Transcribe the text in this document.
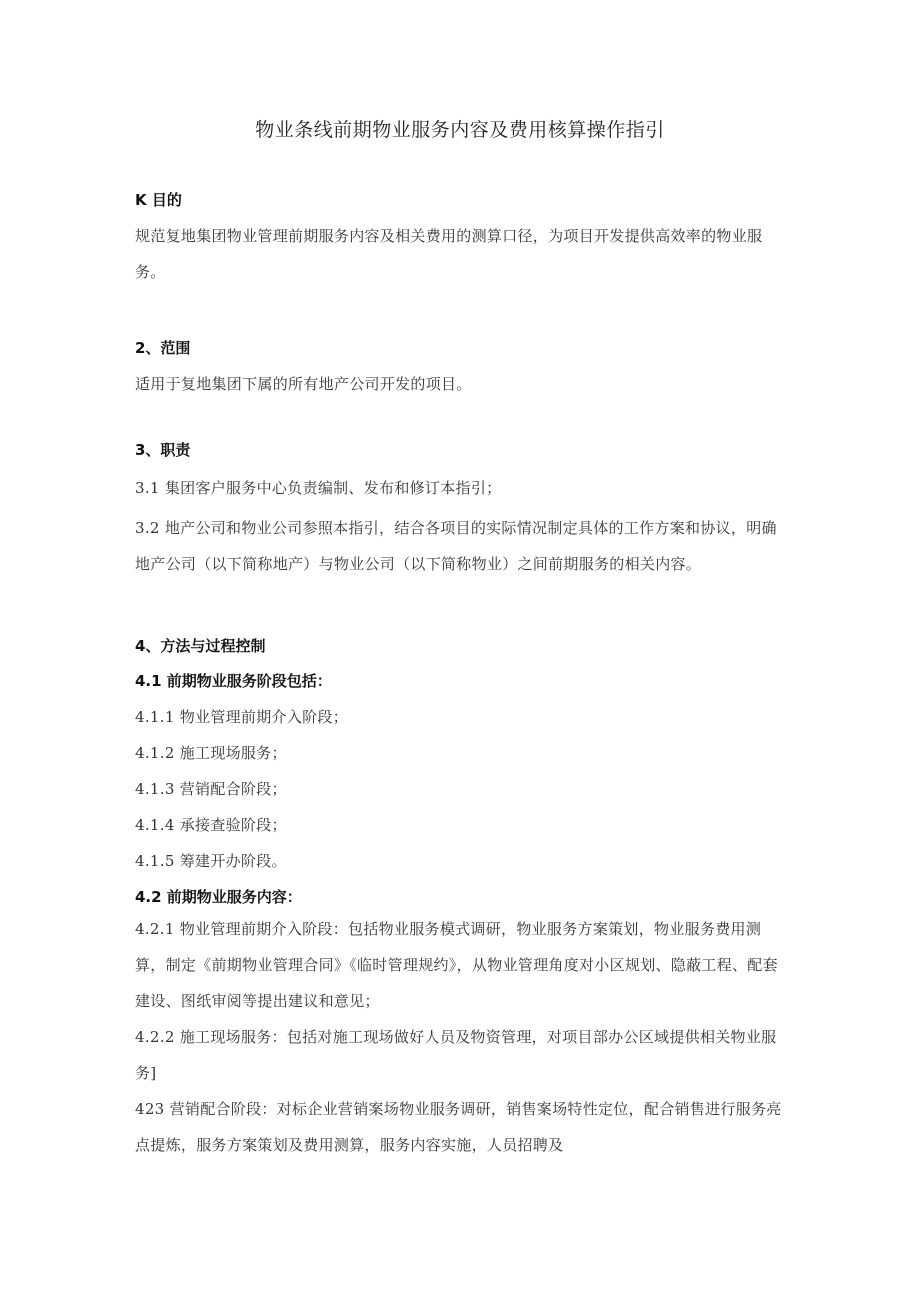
物业条线前期物业服务内容及费用核算操作指引

K 目的

规范复地集团物业管理前期服务内容及相关费用的测算口径，为项目开发提供高效率的物业服务。

2、范围

适用于复地集团下属的所有地产公司开发的项目。

3、职责

3.1 集团客户服务中心负责编制、发布和修订本指引；

3.2 地产公司和物业公司参照本指引，结合各项目的实际情况制定具体的工作方案和协议，明确地产公司（以下简称地产）与物业公司（以下简称物业）之间前期服务的相关内容。

4、方法与过程控制

4.1 前期物业服务阶段包括：

4.1.1 物业管理前期介入阶段；

4.1.2 施工现场服务；

4.1.3 营销配合阶段；

4.1.4 承接查验阶段；

4.1.5 筹建开办阶段。

4.2 前期物业服务内容：

4.2.1 物业管理前期介入阶段：包括物业服务模式调研，物业服务方案策划，物业服务费用测算，制定《前期物业管理合同》《临时管理规约》，从物业管理角度对小区规划、隐蔽工程、配套建设、图纸审阅等提出建议和意见；

4.2.2 施工现场服务：包括对施工现场做好人员及物资管理，对项目部办公区域提供相关物业服务]

423 营销配合阶段：对标企业营销案场物业服务调研，销售案场特性定位，配合销售进行服务亮点提炼，服务方案策划及费用测算，服务内容实施，人员招聘及
